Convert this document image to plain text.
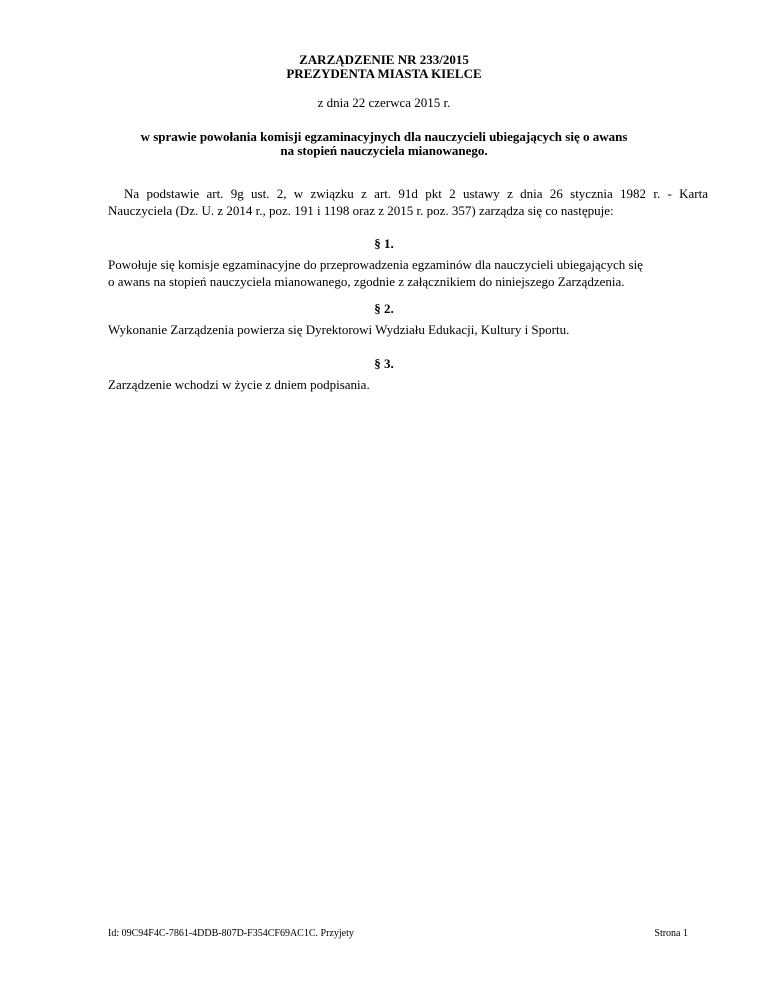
ZARZĄDZENIE NR 233/2015
PREZYDENTA MIASTA KIELCE
z dnia 22 czerwca 2015 r.
w sprawie powołania komisji egzaminacyjnych dla nauczycieli ubiegających się o awans
na stopień nauczyciela mianowanego.
Na podstawie art. 9g ust. 2, w związku z art. 91d pkt 2 ustawy z dnia 26 stycznia 1982 r. - Karta
Nauczyciela (Dz. U. z 2014 r., poz. 191 i 1198 oraz z 2015 r. poz. 357) zarządza się co następuje:
§ 1.
Powołuje się komisje egzaminacyjne do przeprowadzenia egzaminów dla nauczycieli ubiegających się
o awans na stopień nauczyciela mianowanego, zgodnie z załącznikiem do niniejszego Zarządzenia.
§ 2.
Wykonanie Zarządzenia powierza się Dyrektorowi Wydziału Edukacji, Kultury i Sportu.
§ 3.
Zarządzenie wchodzi w życie z dniem podpisania.
Id: 09C94F4C-7861-4DDB-807D-F354CF69AC1C. Przyjety	Strona 1
